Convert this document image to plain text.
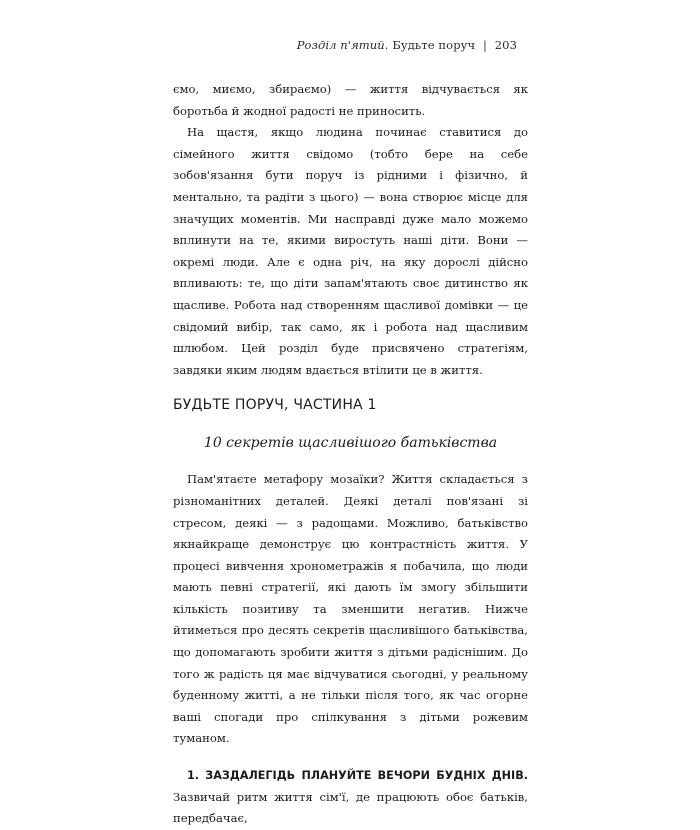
Розділ п'ятий. Будьте поруч | 203

ємо, миємо, збираємо) — життя відчувається як боротьба й жодної радості не приносить.

На щастя, якщо людина починає ставитися до сімейного життя свідомо (тобто бере на себе зобов'язання бути поруч із рідними і фізично, й ментально, та радіти з цього) — вона створює місце для значущих моментів. Ми насправді дуже мало можемо вплинути на те, якими виростуть наші діти. Вони — окремі люди. Але є одна річ, на яку дорослі дійсно впливають: те, що діти запам'ятають своє дитинство як щасливе. Робота над створенням щасливої домівки — це свідомий вибір, так само, як і робота над щасливим шлюбом. Цей розділ буде присвячено стратегіям, завдяки яким людям вдається втілити це в життя.

БУДЬТЕ ПОРУЧ, ЧАСТИНА 1
10 секретів щасливішого батьківства

Пам'ятаєте метафору мозаїки? Життя складається з різноманітних деталей. Деякі деталі пов'язані зі стресом, деякі — з радощами. Можливо, батьківство якнайкраще демонструє цю контрастність життя. У процесі вивчення хронометражів я побачила, що люди мають певні стратегії, які дають їм змогу збільшити кількість позитиву та зменшити негатив. Нижче йтиметься про десять секретів щасливішого батьківства, що допомагають зробити життя з дітьми радіснішим. До того ж радість ця має відчуватися сьогодні, у реальному буденному житті, а не тільки після того, як час огорне ваші спогади про спілкування з дітьми рожевим туманом.

1. ЗАЗДАЛЕГІДЬ ПЛАНУЙТЕ ВЕЧОРИ БУДНІХ ДНІВ. Зазвичай ритм життя сім'ї, де працюють обоє батьків, передбачає,
